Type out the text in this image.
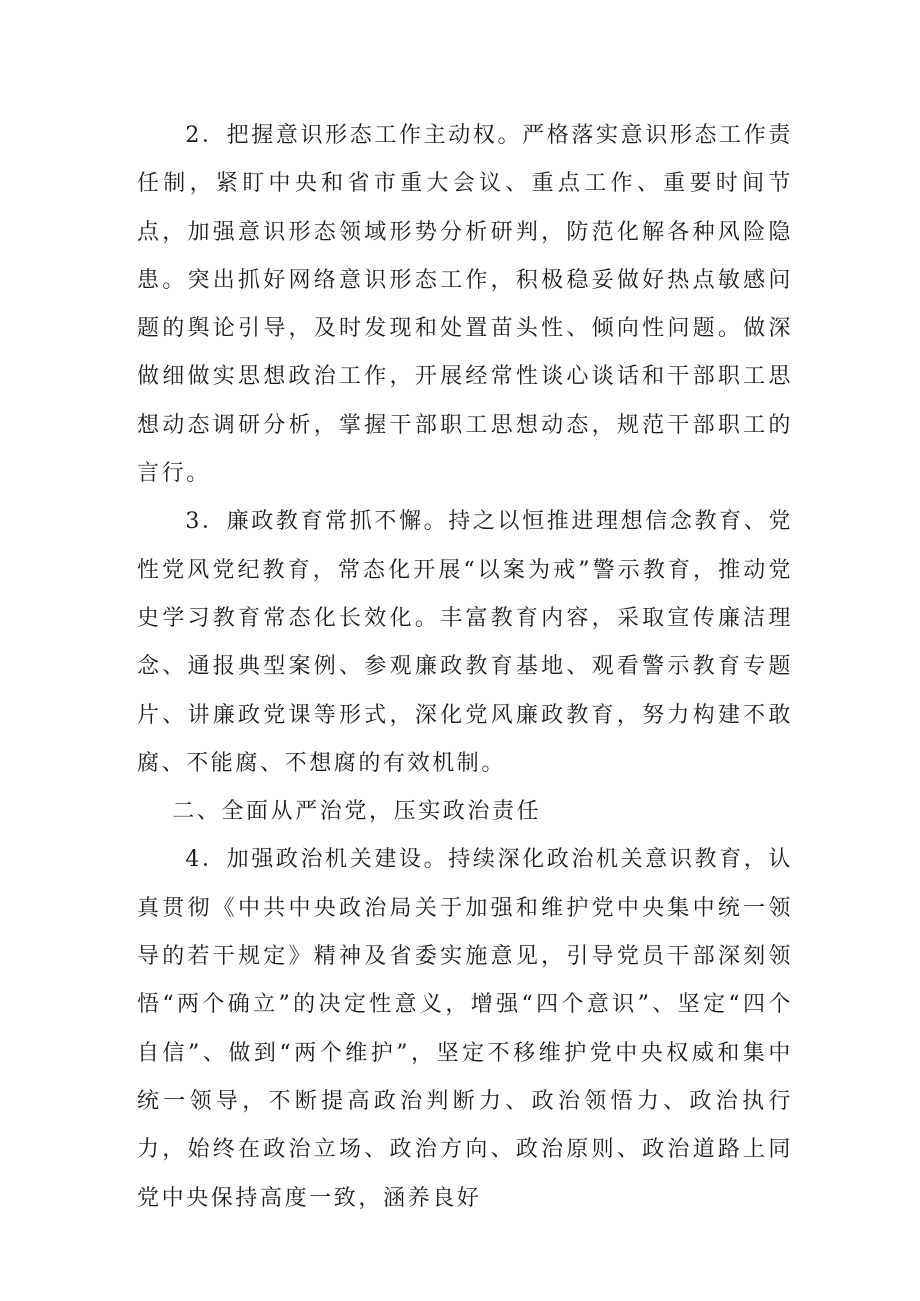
2．把握意识形态工作主动权。严格落实意识形态工作责任制，紧盯中央和省市重大会议、重点工作、重要时间节点，加强意识形态领域形势分析研判，防范化解各种风险隐患。突出抓好网络意识形态工作，积极稳妥做好热点敏感问题的舆论引导，及时发现和处置苗头性、倾向性问题。做深做细做实思想政治工作，开展经常性谈心谈话和干部职工思想动态调研分析，掌握干部职工思想动态，规范干部职工的言行。

3．廉政教育常抓不懈。持之以恒推进理想信念教育、党性党风党纪教育，常态化开展“以案为戒”警示教育，推动党史学习教育常态化长效化。丰富教育内容，采取宣传廉洁理念、通报典型案例、参观廉政教育基地、观看警示教育专题片、讲廉政党课等形式，深化党风廉政教育，努力构建不敢腐、不能腐、不想腐的有效机制。

二、全面从严治党，压实政治责任

4．加强政治机关建设。持续深化政治机关意识教育，认真贯彻《中共中央政治局关于加强和维护党中央集中统一领导的若干规定》精神及省委实施意见，引导党员干部深刻领悟“两个确立”的决定性意义，增强“四个意识”、坚定“四个自信”、做到“两个维护”，坚定不移维护党中央权威和集中统一领导，不断提高政治判断力、政治领悟力、政治执行力，始终在政治立场、政治方向、政治原则、政治道路上同党中央保持高度一致，涵养良好
